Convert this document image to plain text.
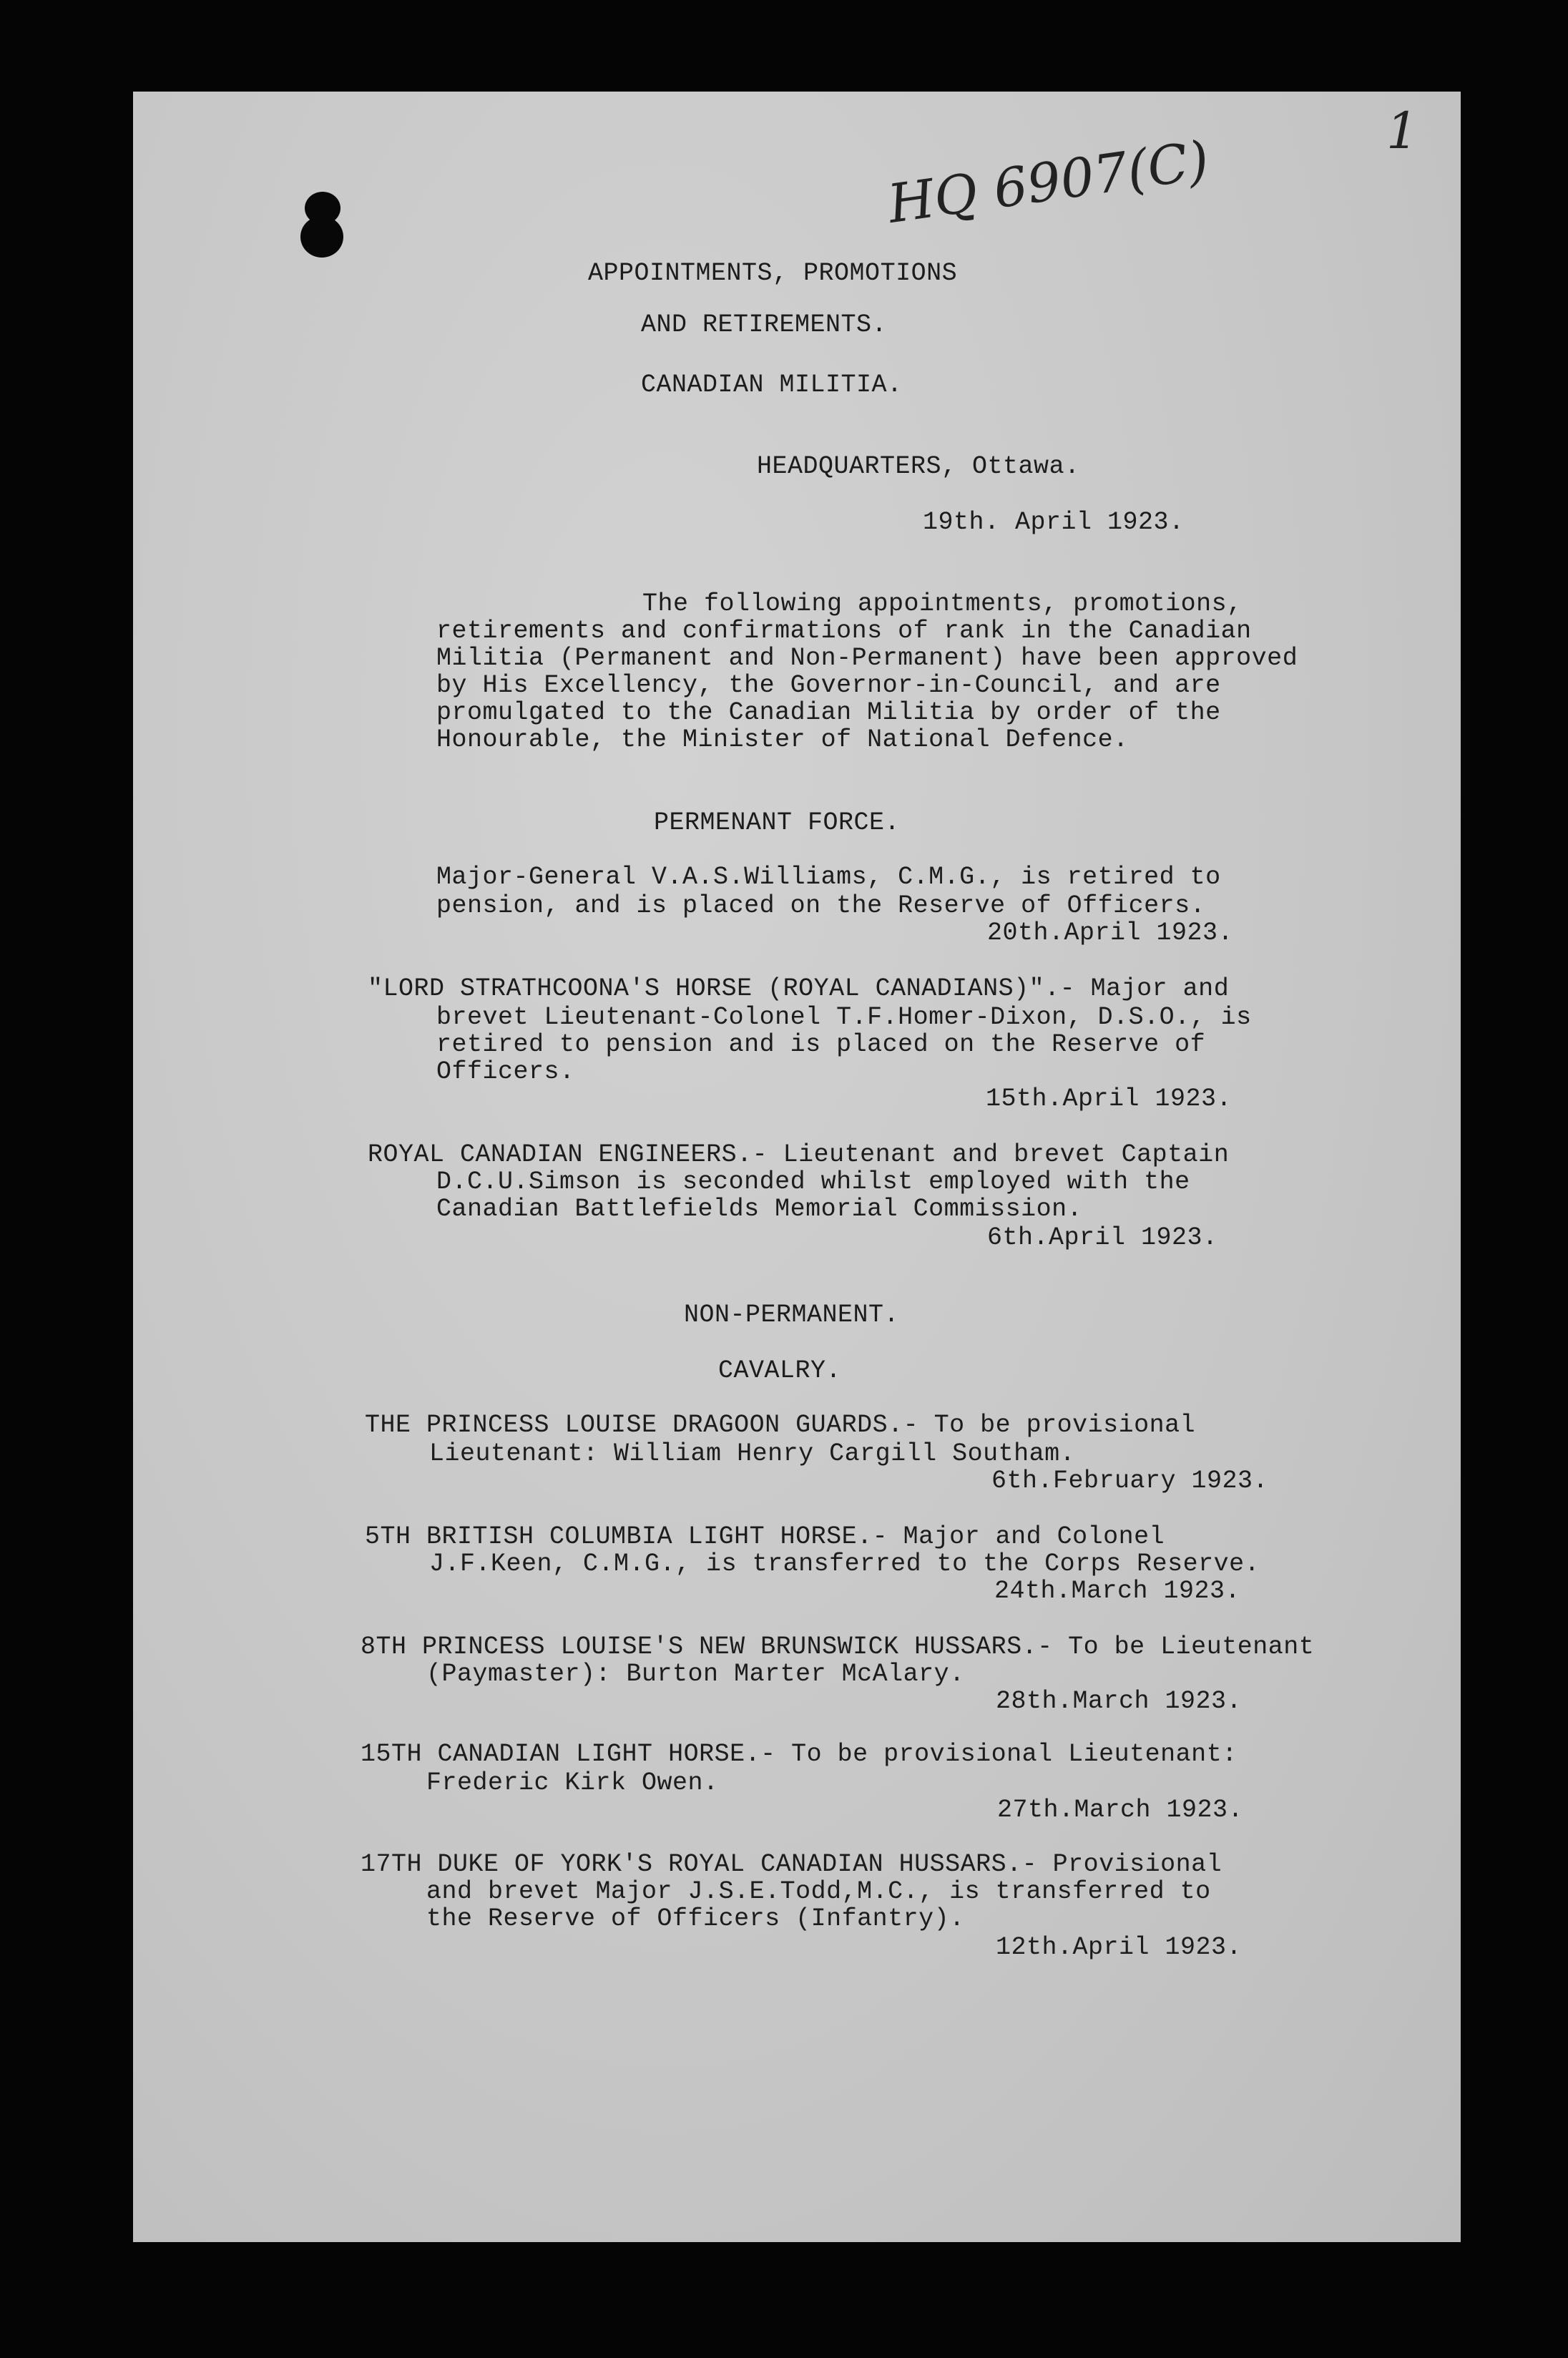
HQ 6907(C)	1
APPOINTMENTS, PROMOTIONS
AND RETIREMENTS.
CANADIAN MILITIA.
HEADQUARTERS, Ottawa.
19th. April 1923.
The following appointments, promotions,
retirements and confirmations of rank in the Canadian
Militia (Permanent and Non-Permanent) have been approved
by His Excellency, the Governor-in-Council, and are
promulgated to the Canadian Militia by order of the
Honourable, the Minister of National Defence.
PERMENANT FORCE.
Major-General V.A.S.Williams, C.M.G., is retired to
pension, and is placed on the Reserve of Officers.
20th.April 1923.
"LORD STRATHCOONA'S HORSE (ROYAL CANADIANS)".- Major and
brevet Lieutenant-Colonel T.F.Homer-Dixon, D.S.O., is
retired to pension and is placed on the Reserve of
Officers.
15th.April 1923.
ROYAL CANADIAN ENGINEERS.- Lieutenant and brevet Captain
D.C.U.Simson is seconded whilst employed with the
Canadian Battlefields Memorial Commission.
6th.April 1923.
NON-PERMANENT.
CAVALRY.
THE PRINCESS LOUISE DRAGOON GUARDS.- To be provisional
Lieutenant: William Henry Cargill Southam.
6th.February 1923.
5TH BRITISH COLUMBIA LIGHT HORSE.- Major and Colonel
J.F.Keen, C.M.G., is transferred to the Corps Reserve.
24th.March 1923.
8TH PRINCESS LOUISE'S NEW BRUNSWICK HUSSARS.- To be Lieutenant
(Paymaster): Burton Marter McAlary.
28th.March 1923.
15TH CANADIAN LIGHT HORSE.- To be provisional Lieutenant:
Frederic Kirk Owen.
27th.March 1923.
17TH DUKE OF YORK'S ROYAL CANADIAN HUSSARS.- Provisional
and brevet Major J.S.E.Todd,M.C., is transferred to
the Reserve of Officers (Infantry).
12th.April 1923.
